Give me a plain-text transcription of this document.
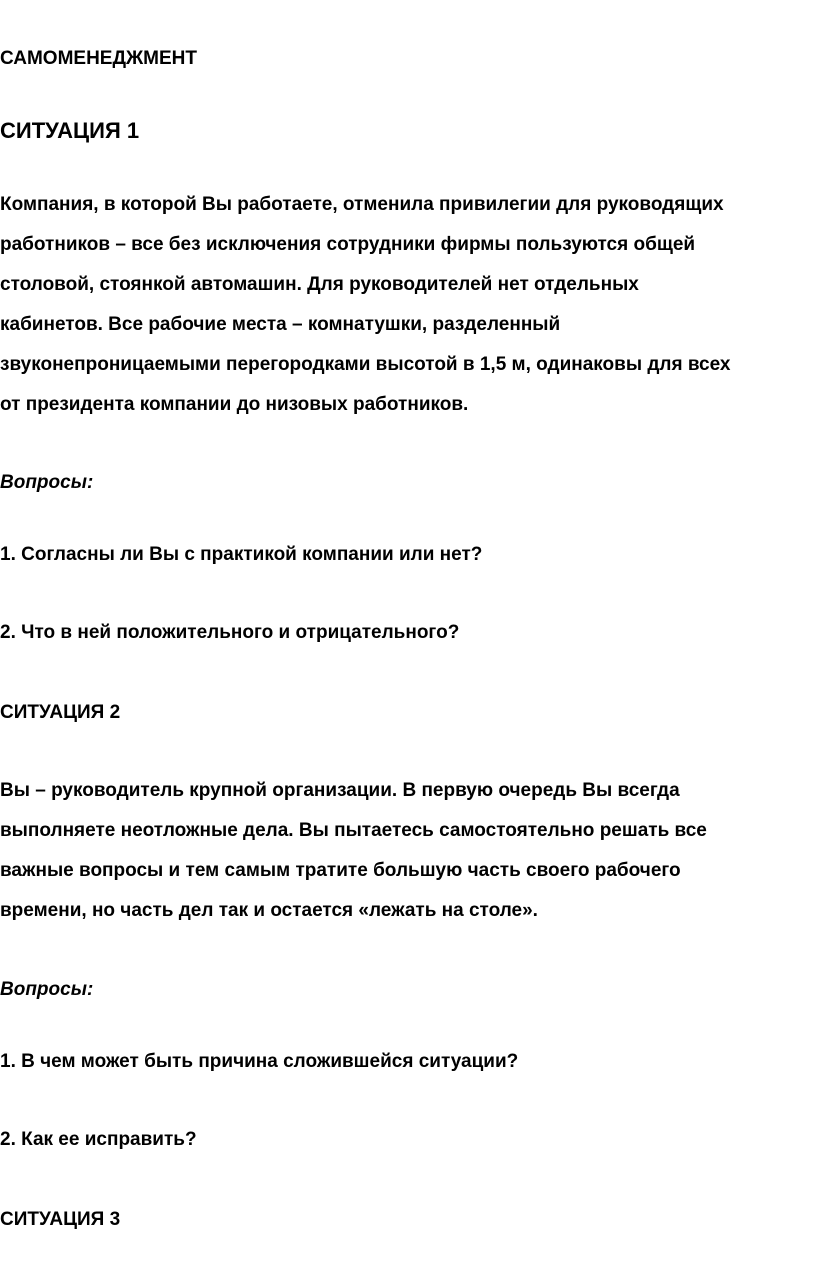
САМОМЕНЕДЖМЕНТ

СИТУАЦИЯ 1

Компания, в которой Вы работаете, отменила привилегии для руководящих
работников – все без исключения сотрудники фирмы пользуются общей
столовой, стоянкой автомашин. Для руководителей нет отдельных
кабинетов. Все рабочие места – комнатушки, разделенный
звуконепроницаемыми перегородками высотой в 1,5 м, одинаковы для всех
от президента компании до низовых работников.

Вопросы:

1. Согласны ли Вы с практикой компании или нет?

2. Что в ней положительного и отрицательного?

СИТУАЦИЯ 2

Вы – руководитель крупной организации. В первую очередь Вы всегда
выполняете неотложные дела. Вы пытаетесь самостоятельно решать все
важные вопросы и тем самым тратите большую часть своего рабочего
времени, но часть дел так и остается «лежать на столе».

Вопросы:

1. В чем может быть причина сложившейся ситуации?

2. Как ее исправить?

СИТУАЦИЯ 3
